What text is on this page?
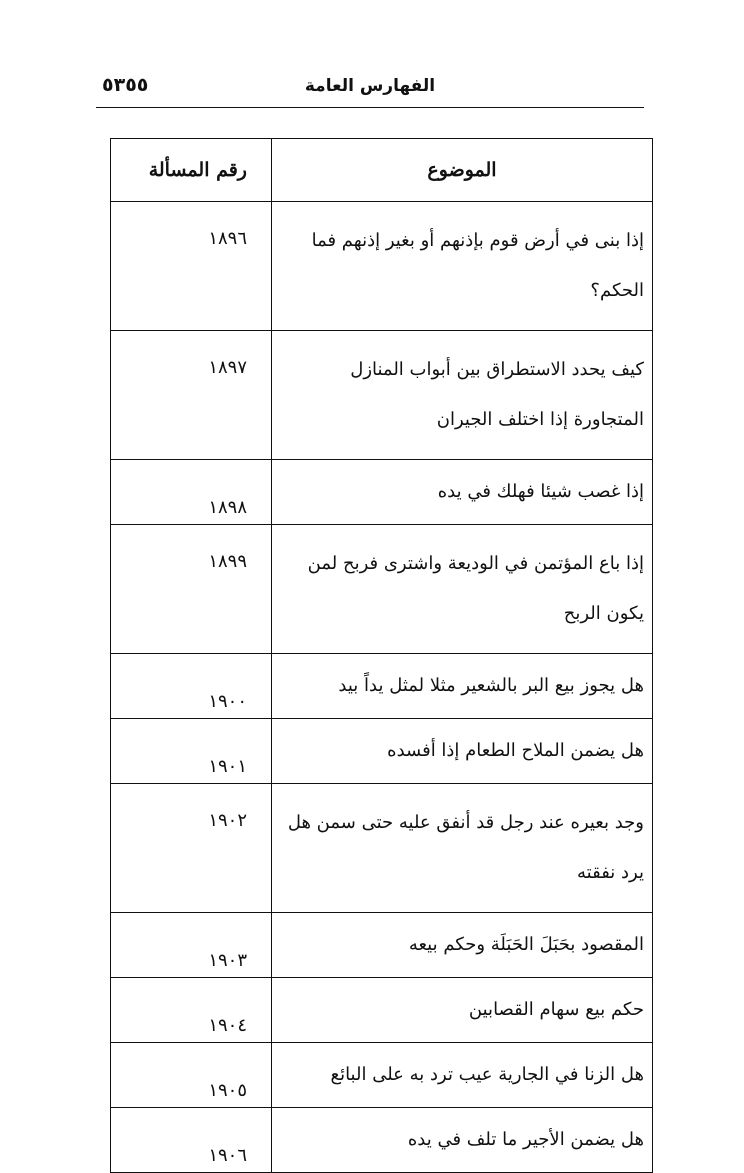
٥٣٥٥	الفهارس العامة
الموضوع	رقم المسألة
إذا بنى في أرض قوم بإذنهم أو بغير إذنهم فما الحكم؟	١٨٩٦
كيف يحدد الاستطراق بين أبواب المنازل المتجاورة إذا اختلف الجيران	١٨٩٧
إذا غصب شيئا فهلك في يده	١٨٩٨
إذا باع المؤتمن في الوديعة واشترى فربح لمن يكون الربح	١٨٩٩
هل يجوز بيع البر بالشعير مثلا لمثل يداً بيد	١٩٠٠
هل يضمن الملاح الطعام إذا أفسده	١٩٠١
وجد بعيره عند رجل قد أنفق عليه حتى سمن هل يرد نفقته	١٩٠٢
المقصود بحَبَلَ الحَبَلَة وحكم بيعه	١٩٠٣
حكم بيع سهام القصابين	١٩٠٤
هل الزنا في الجارية عيب ترد به على البائع	١٩٠٥
هل يضمن الأجير ما تلف في يده	١٩٠٦
